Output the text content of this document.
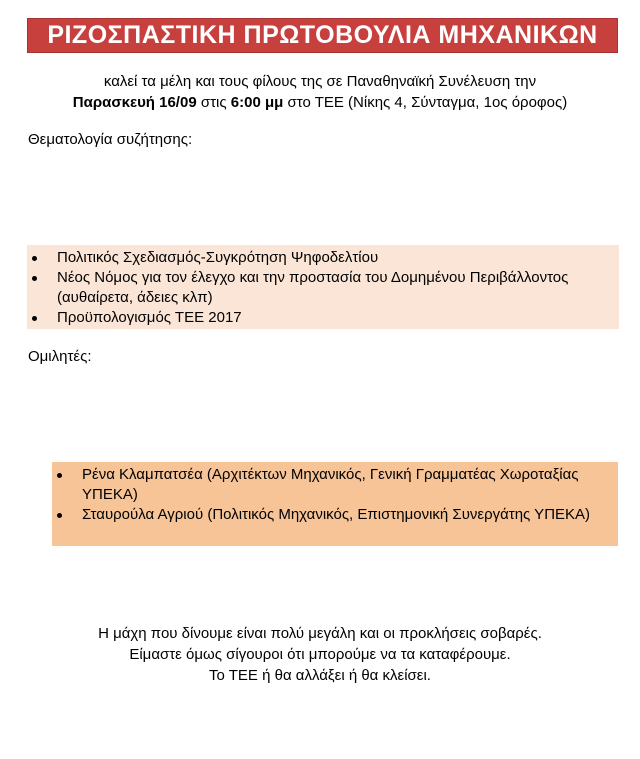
ΡΙΖΟΣΠΑΣΤΙΚΗ ΠΡΩΤΟΒΟΥΛΙΑ ΜΗΧΑΝΙΚΩΝ
καλεί τα μέλη και τους φίλους της σε Παναθηναϊκή Συνέλευση την
Παρασκευή 16/09 στις 6:00 μμ στο ΤΕΕ (Νίκης 4, Σύνταγμα, 1ος όροφος)
Θεματολογία συζήτησης:
Πολιτικός Σχεδιασμός-Συγκρότηση Ψηφοδελτίου
Νέος Νόμος για τον έλεγχο και την προστασία του Δομημένου Περιβάλλοντος (αυθαίρετα, άδειες κλπ)
Προϋπολογισμός ΤΕΕ 2017
Ομιλητές:
Ρένα Κλαμπατσέα (Αρχιτέκτων Μηχανικός, Γενική Γραμματέας Χωροταξίας ΥΠΕΚΑ)
Σταυρούλα Αγριού (Πολιτικός Μηχανικός, Επιστημονική Συνεργάτης ΥΠΕΚΑ)
Η μάχη που δίνουμε είναι πολύ μεγάλη και οι προκλήσεις σοβαρές.
Είμαστε όμως σίγουροι ότι μπορούμε να τα καταφέρουμε.
Το ΤΕΕ ή θα αλλάξει ή θα κλείσει.
